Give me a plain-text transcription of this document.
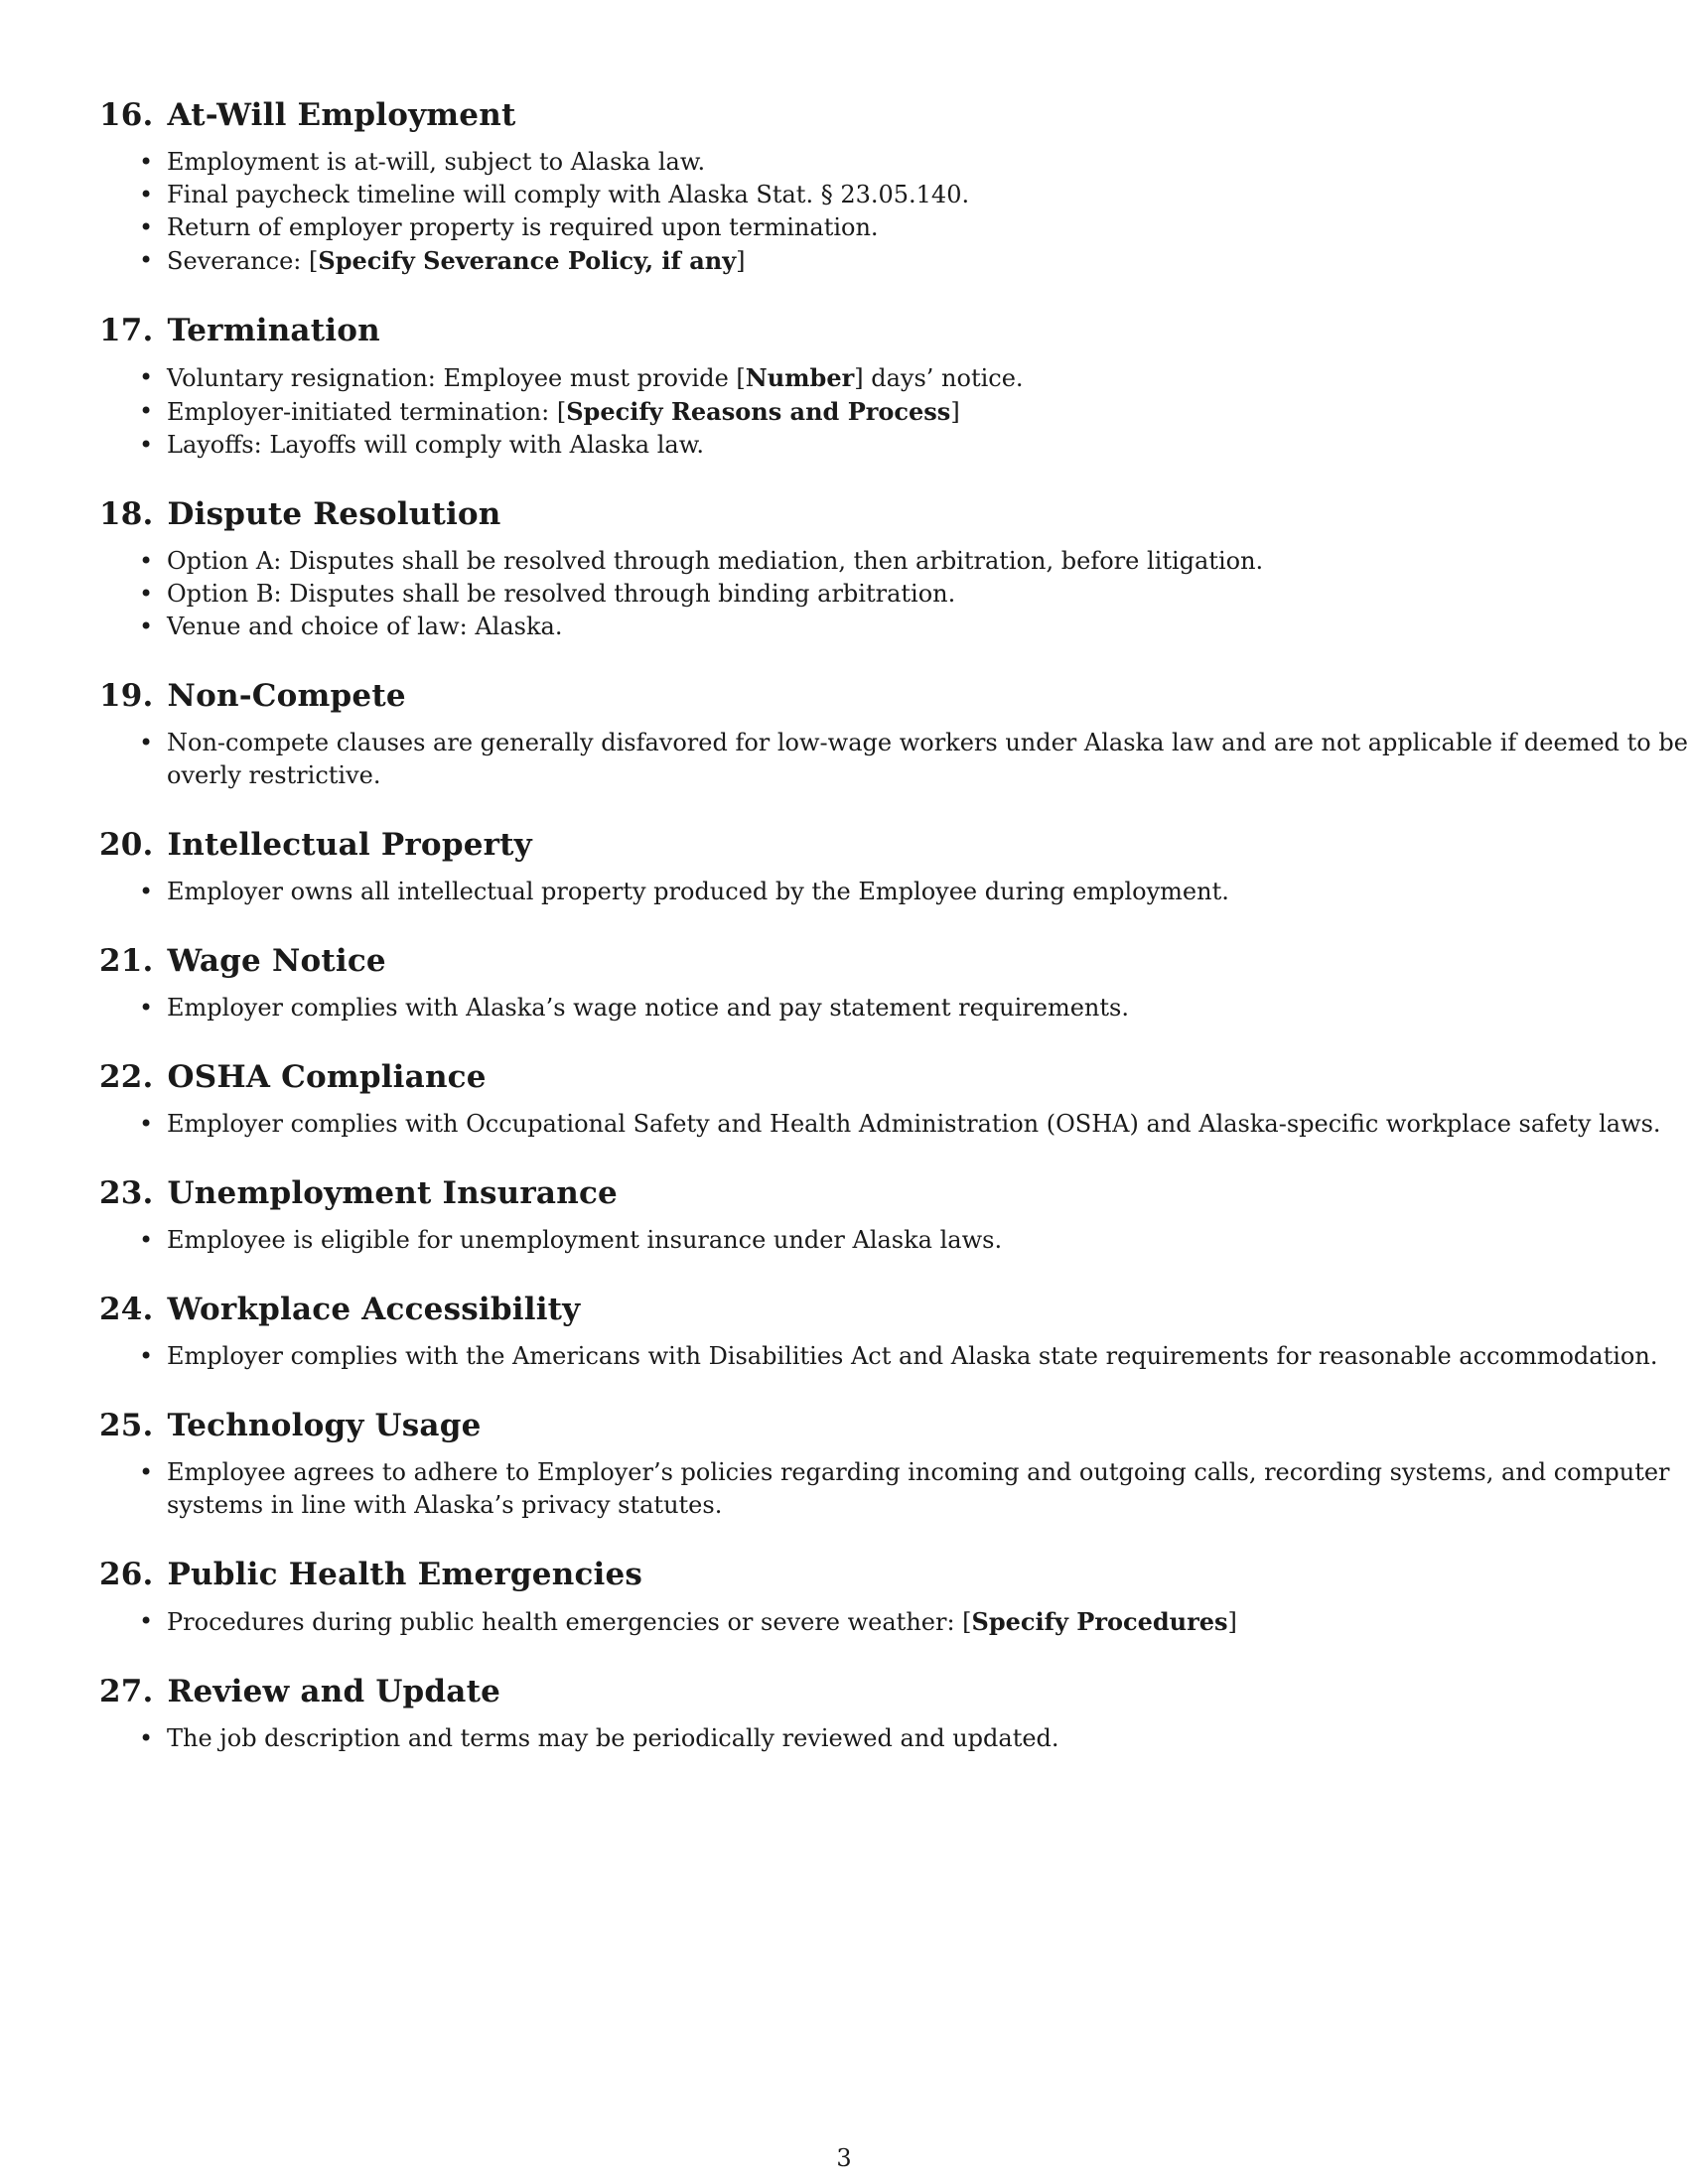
16. At-Will Employment
• Employment is at-will, subject to Alaska law.
• Final paycheck timeline will comply with Alaska Stat. § 23.05.140.
• Return of employer property is required upon termination.
• Severance: [Specify Severance Policy, if any]
17. Termination
• Voluntary resignation: Employee must provide [Number] days’ notice.
• Employer-initiated termination: [Specify Reasons and Process]
• Layoffs: Layoffs will comply with Alaska law.
18. Dispute Resolution
• Option A: Disputes shall be resolved through mediation, then arbitration, before litigation.
• Option B: Disputes shall be resolved through binding arbitration.
• Venue and choice of law: Alaska.
19. Non-Compete
• Non-compete clauses are generally disfavored for low-wage workers under Alaska law and are not applicable if deemed to be overly restrictive.
20. Intellectual Property
• Employer owns all intellectual property produced by the Employee during employment.
21. Wage Notice
• Employer complies with Alaska’s wage notice and pay statement requirements.
22. OSHA Compliance
• Employer complies with Occupational Safety and Health Administration (OSHA) and Alaska-specific workplace safety laws.
23. Unemployment Insurance
• Employee is eligible for unemployment insurance under Alaska laws.
24. Workplace Accessibility
• Employer complies with the Americans with Disabilities Act and Alaska state requirements for reasonable accommodation.
25. Technology Usage
• Employee agrees to adhere to Employer’s policies regarding incoming and outgoing calls, recording systems, and computer systems in line with Alaska’s privacy statutes.
26. Public Health Emergencies
• Procedures during public health emergencies or severe weather: [Specify Procedures]
27. Review and Update
• The job description and terms may be periodically reviewed and updated.
3
